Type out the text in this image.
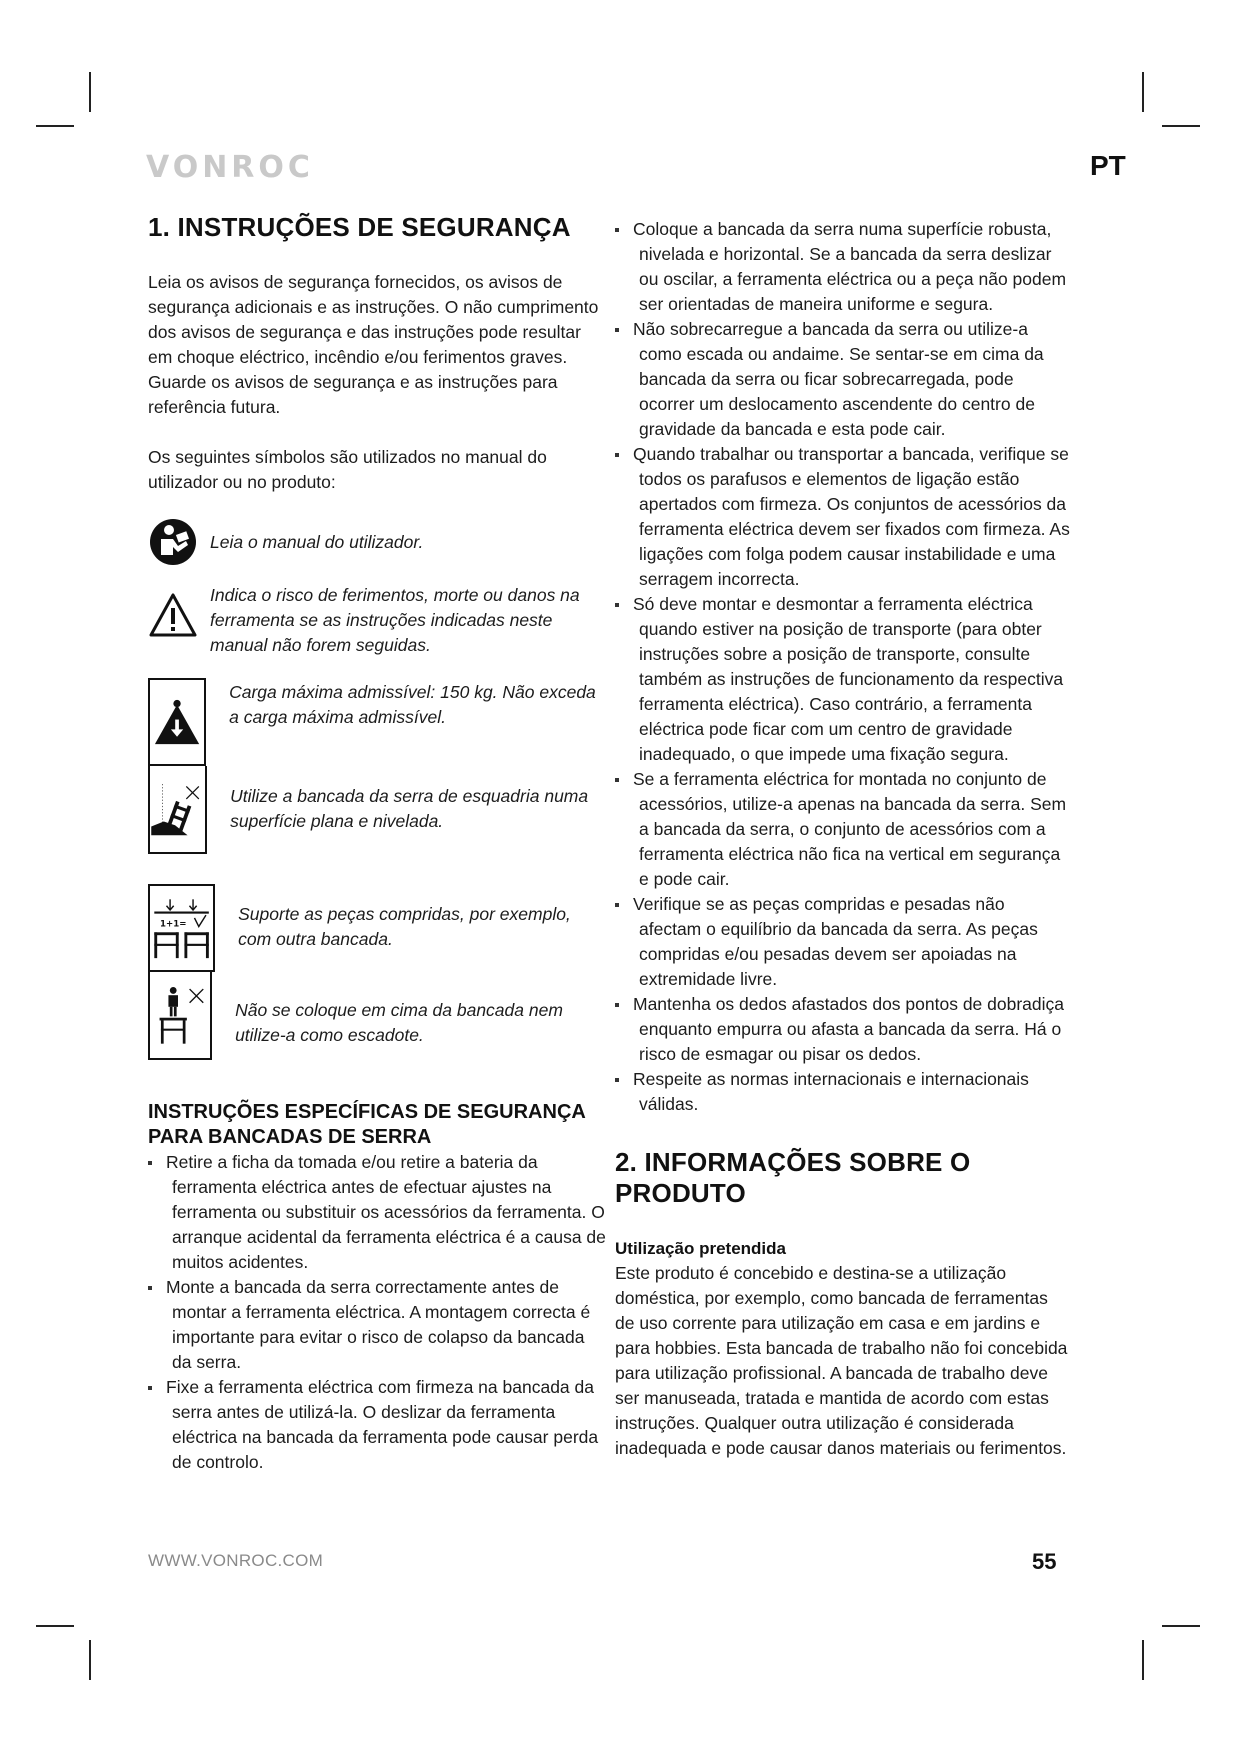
VONROC	PT
1. INSTRUÇÕES DE SEGURANÇA

Leia os avisos de segurança fornecidos, os avisos de segurança adicionais e as instruções. O não cumprimento dos avisos de segurança e das instruções pode resultar em choque eléctrico, incêndio e/ou ferimentos graves. Guarde os avisos de segurança e as instruções para referência futura.

Os seguintes símbolos são utilizados no manual do utilizador ou no produto:

Leia o manual do utilizador.
Indica o risco de ferimentos, morte ou danos na ferramenta se as instruções indicadas neste manual não forem seguidas.
Carga máxima admissível: 150 kg. Não exceda a carga máxima admissível.
Utilize a bancada da serra de esquadria numa superfície plana e nivelada.
1+1=
Suporte as peças compridas, por exemplo, com outra bancada.
Não se coloque em cima da bancada nem utilize-a como escadote.
INSTRUÇÕES ESPECÍFICAS DE SEGURANÇA PARA BANCADAS DE SERRA
Retire a ficha da tomada e/ou retire a bateria da ferramenta eléctrica antes de efectuar ajustes na ferramenta ou substituir os acessórios da ferramenta. O arranque acidental da ferramenta eléctrica é a causa de muitos acidentes.
Monte a bancada da serra correctamente antes de montar a ferramenta eléctrica. A montagem correcta é importante para evitar o risco de colapso da bancada da serra.
Fixe a ferramenta eléctrica com firmeza na bancada da serra antes de utilizá-la. O deslizar da ferramenta eléctrica na bancada da ferramenta pode causar perda de controlo.
Coloque a bancada da serra numa superfície robusta, nivelada e horizontal. Se a bancada da serra deslizar ou oscilar, a ferramenta eléctrica ou a peça não podem ser orientadas de maneira uniforme e segura.
Não sobrecarregue a bancada da serra ou utilize-a como escada ou andaime. Se sentar-se em cima da bancada da serra ou ficar sobrecarregada, pode ocorrer um deslocamento ascendente do centro de gravidade da bancada e esta pode cair.
Quando trabalhar ou transportar a bancada, verifique se todos os parafusos e elementos de ligação estão apertados com firmeza. Os conjuntos de acessórios da ferramenta eléctrica devem ser fixados com firmeza. As ligações com folga podem causar instabilidade e uma serragem incorrecta.
Só deve montar e desmontar a ferramenta eléctrica quando estiver na posição de transporte (para obter instruções sobre a posição de transporte, consulte também as instruções de funcionamento da respectiva ferramenta eléctrica). Caso contrário, a ferramenta eléctrica pode ficar com um centro de gravidade inadequado, o que impede uma fixação segura.
Se a ferramenta eléctrica for montada no conjunto de acessórios, utilize-a apenas na bancada da serra. Sem a bancada da serra, o conjunto de acessórios com a ferramenta eléctrica não fica na vertical em segurança e pode cair.
Verifique se as peças compridas e pesadas não afectam o equilíbrio da bancada da serra. As peças compridas e/ou pesadas devem ser apoiadas na extremidade livre.
Mantenha os dedos afastados dos pontos de dobradiça enquanto empurra ou afasta a bancada da serra. Há o risco de esmagar ou pisar os dedos.
Respeite as normas internacionais e internacionais válidas.
2. INFORMAÇÕES SOBRE O PRODUTO
Utilização pretendida

Este produto é concebido e destina-se a utilização doméstica, por exemplo, como bancada de ferramentas de uso corrente para utilização em casa e em jardins e para hobbies. Esta bancada de trabalho não foi concebida para utilização profissional. A bancada de trabalho deve ser manuseada, tratada e mantida de acordo com estas instruções. Qualquer outra utilização é considerada inadequada e pode causar danos materiais ou ferimentos.

WWW.VONROC.COM	55
